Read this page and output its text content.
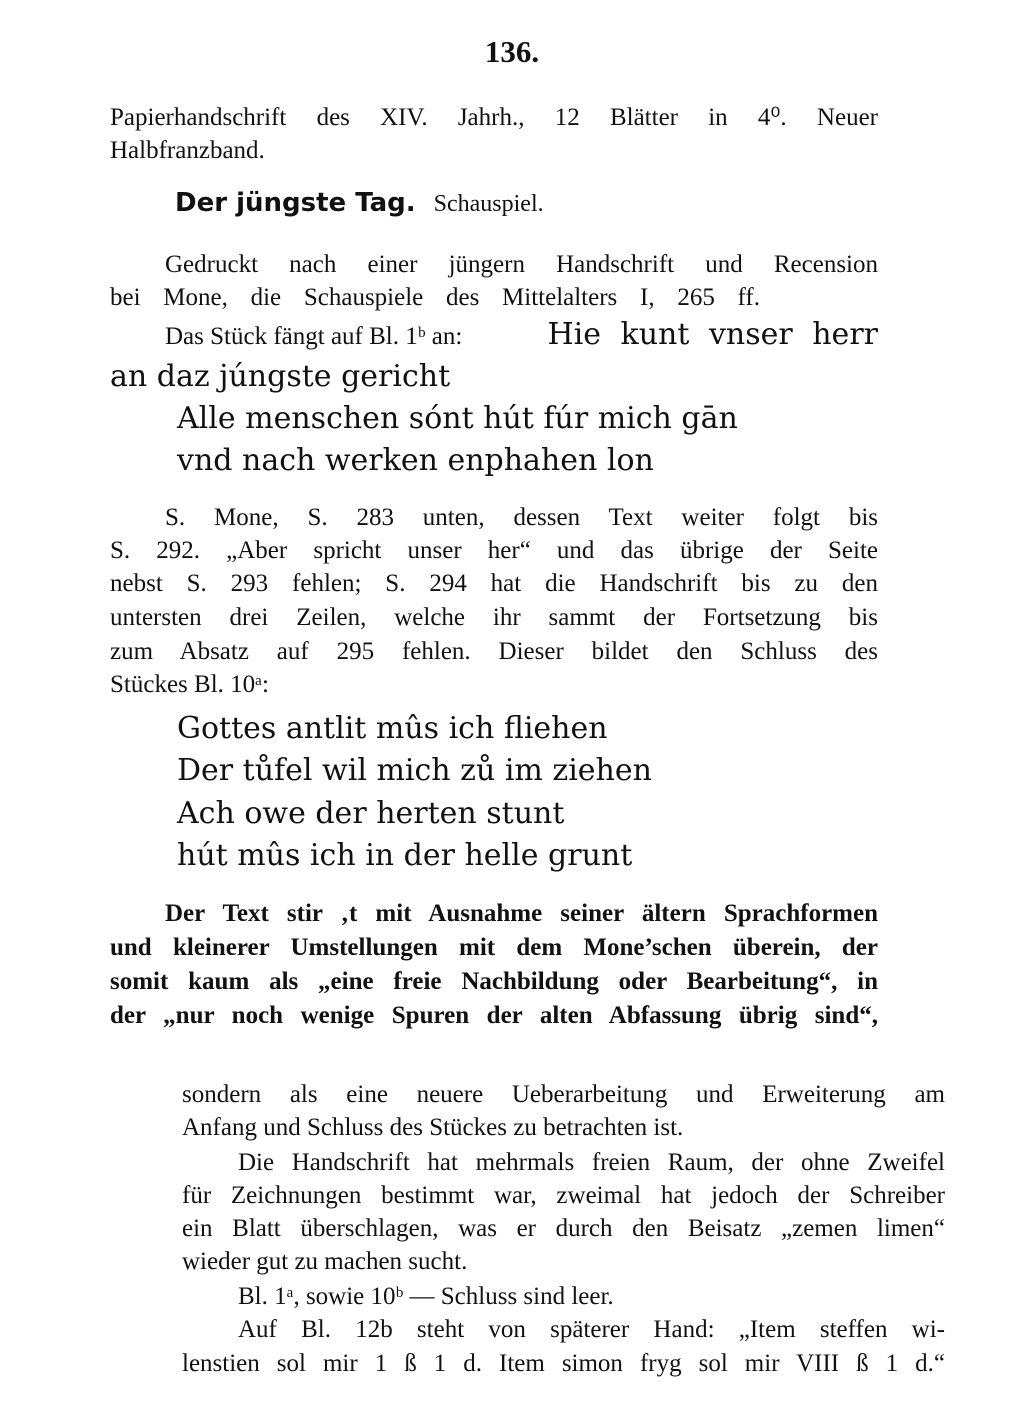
136.
Papierhandschrift des XIV. Jahrh., 12 Blätter in 4⁰. Neuer
Halbfranzband.
Der jüngste Tag. Schauspiel.
Gedruckt nach einer jüngern Handschrift und Recension
bei Mone, die Schauspiele des Mittelalters I, 265 ff.
Das Stück fängt auf Bl. 1ᵇ an:	Hie kunt vnser herr
an daz júngste gericht
Alle menschen sónt hút fúr mich gān
vnd nach werken enphahen lon
S. Mone, S. 283 unten, dessen Text weiter folgt bis
S. 292. „Aber spricht unser her“ und das übrige der Seite
nebst S. 293 fehlen; S. 294 hat die Handschrift bis zu den
untersten drei Zeilen, welche ihr sammt der Fortsetzung bis
zum Absatz auf 295 fehlen. Dieser bildet den Schluss des
Stückes Bl. 10ᵃ:
Gottes antlit mûs ich fliehen
Der tůfel wil mich zů im ziehen
Ach owe der herten stunt
hút mûs ich in der helle grunt
Der Text stir ‚t mit Ausnahme seiner ältern Sprachformen
und kleinerer Umstellungen mit dem Mone’schen überein, der
somit kaum als „eine freie Nachbildung oder Bearbeitung“, in
der „nur noch wenige Spuren der alten Abfassung übrig sind“,
sondern als eine neuere Ueberarbeitung und Erweiterung am
Anfang und Schluss des Stückes zu betrachten ist.
Die Handschrift hat mehrmals freien Raum, der ohne Zweifel
für Zeichnungen bestimmt war, zweimal hat jedoch der Schreiber
ein Blatt überschlagen, was er durch den Beisatz „zemen limen“
wieder gut zu machen sucht.
Bl. 1ᵃ, sowie 10ᵇ — Schluss sind leer.
Auf Bl. 12b steht von späterer Hand: „Item steffen wi-
lenstien sol mir 1 ß 1 d. Item simon fryg sol mir VIII ß 1 d.“
